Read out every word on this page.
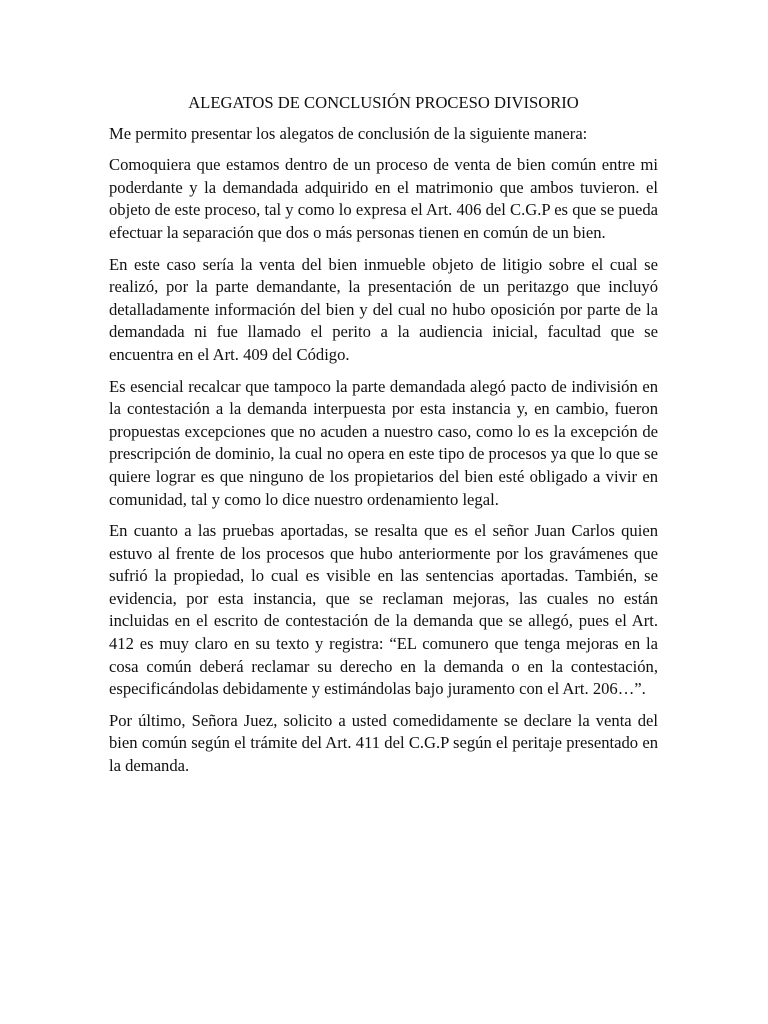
ALEGATOS DE CONCLUSIÓN PROCESO DIVISORIO

Me permito presentar los alegatos de conclusión de la siguiente manera:

Comoquiera que estamos dentro de un proceso de venta de bien común entre mi poderdante y la demandada adquirido en el matrimonio que ambos tuvieron. el objeto de este proceso, tal y como lo expresa el Art. 406 del C.G.P es que se pueda efectuar la separación que dos o más personas tienen en común de un bien.

En este caso sería la venta del bien inmueble objeto de litigio sobre el cual se realizó, por la parte demandante, la presentación de un peritazgo que incluyó detalladamente información del bien y del cual no hubo oposición por parte de la demandada ni fue llamado el perito a la audiencia inicial, facultad que se encuentra en el Art. 409 del Código.

Es esencial recalcar que tampoco la parte demandada alegó pacto de indivisión en la contestación a la demanda interpuesta por esta instancia y, en cambio, fueron propuestas excepciones que no acuden a nuestro caso, como lo es la excepción de prescripción de dominio, la cual no opera en este tipo de procesos ya que lo que se quiere lograr es que ninguno de los propietarios del bien esté obligado a vivir en comunidad, tal y como lo dice nuestro ordenamiento legal.

En cuanto a las pruebas aportadas, se resalta que es el señor Juan Carlos quien estuvo al frente de los procesos que hubo anteriormente por los gravámenes que sufrió la propiedad, lo cual es visible en las sentencias aportadas. También, se evidencia, por esta instancia, que se reclaman mejoras, las cuales no están incluidas en el escrito de contestación de la demanda que se allegó, pues el Art. 412 es muy claro en su texto y registra: “EL comunero que tenga mejoras en la cosa común deberá reclamar su derecho en la demanda o en la contestación, especificándolas debidamente y estimándolas bajo juramento con el Art. 206…”.

Por último, Señora Juez, solicito a usted comedidamente se declare la venta del bien común según el trámite del Art. 411 del C.G.P según el peritaje presentado en la demanda.
